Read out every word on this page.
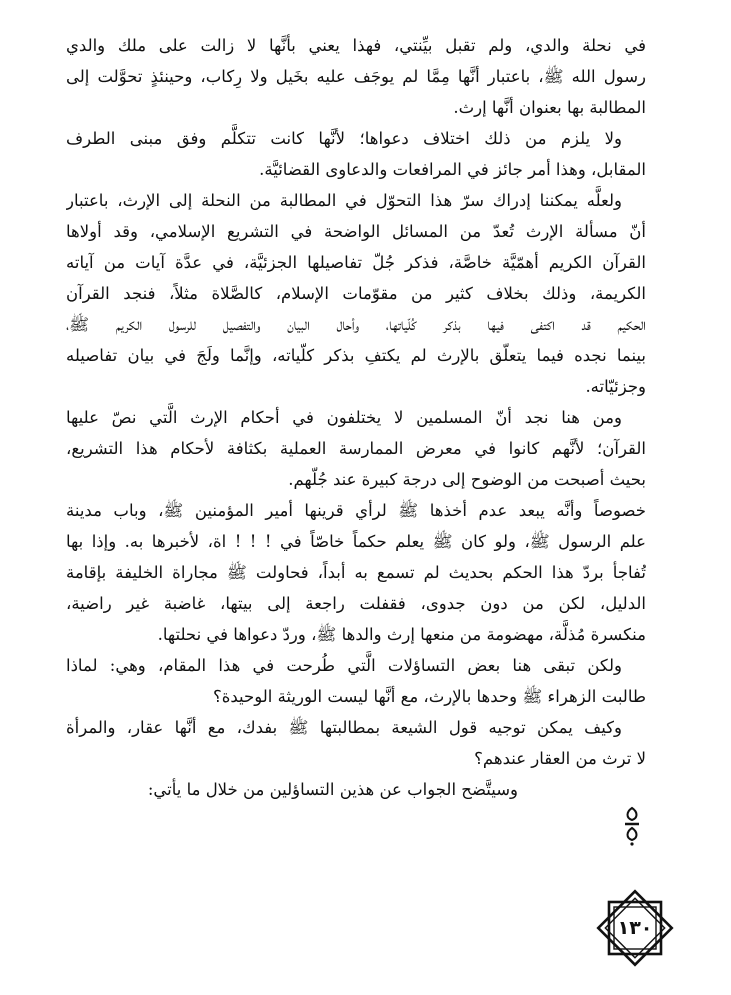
في نحلة والدي، ولم تقبل بيِّنتي، فهذا يعني بأنَّها لا زالت على ملك والدي
رسول الله ﷺ، باعتبار أنَّها مِمَّا لم يوجَف عليه بخَيل ولا رِكاب، وحينئذٍ تحوَّلت إلى
المطالبة بها بعنوان أنَّها إرث.
ولا يلزم من ذلك اختلاف دعواها؛ لأنَّها كانت تتكلَّم وفق مبنى الطرف
المقابل، وهذا أمر جائز في المرافعات والدعاوى القضائيَّة.
ولعلَّه يمكننا إدراك سرّ هذا التحوّل في المطالبة من النحلة إلى الإرث، باعتبار
أنّ مسألة الإرث تُعدّ من المسائل الواضحة في التشريع الإسلامي، وقد أولاها
القرآن الكريم أهمّيَّة خاصَّة، فذكر جُلّ تفاصيلها الجزئيَّة، في عدَّة آيات من آياته
الكريمة، وذلك بخلاف كثير من مقوّمات الإسلام، كالصَّلاة مثلاً، فنجد القرآن
الحكيم قد اكتفى فيها بذكر كُلّياتها، وأحال البيان والتفصيل للرسول الكريم ﷺ،
بينما نجده فيما يتعلّق بالإرث لم يكتفِ بذكر كلّياته، وإنَّما ولَجَ في بيان تفاصيله
وجزئيّاته.
ومن هنا نجد أنّ المسلمين لا يختلفون في أحكام الإرث الَّتي نصّ عليها
القرآن؛ لأنَّهم كانوا في معرض الممارسة العملية بكثافة لأحكام هذا التشريع،
بحيث أصبحت من الوضوح إلى درجة كبيرة عند جُلّهم.
خصوصاً وأنَّه يبعد عدم أخذها ﷺ لرأي قرينها أمير المؤمنين ﷺ، وباب مدينة
علم الرسول ﷺ، ولو كان ﷺ يعلم حكماً خاصّاً في ! ! ! اة، لأخبرها به. وإذا بها
تُفاجأ بردّ هذا الحكم بحديث لم تسمع به أبداً، فحاولت ﷺ مجاراة الخليفة بإقامة
الدليل، لكن من دون جدوى، فقفلت راجعة إلى بيتها، غاضبة غير راضية،
منكسرة مُذلَّة، مهضومة من منعها إرث والدها ﷺ، وردّ دعواها في نحلتها.
ولكن تبقى هنا بعض التساؤلات الَّتي طُرحت في هذا المقام، وهي: لماذا
طالبت الزهراء ﷺ وحدها بالإرث، مع أنَّها ليست الوريثة الوحيدة؟
وكيف يمكن توجيه قول الشيعة بمطالبتها ﷺ بفدك، مع أنَّها عقار، والمرأة
لا ترث من العقار عندهم؟
وسيتَّضح الجواب عن هذين التساؤلين من خلال ما يأتي:
١٣٠
